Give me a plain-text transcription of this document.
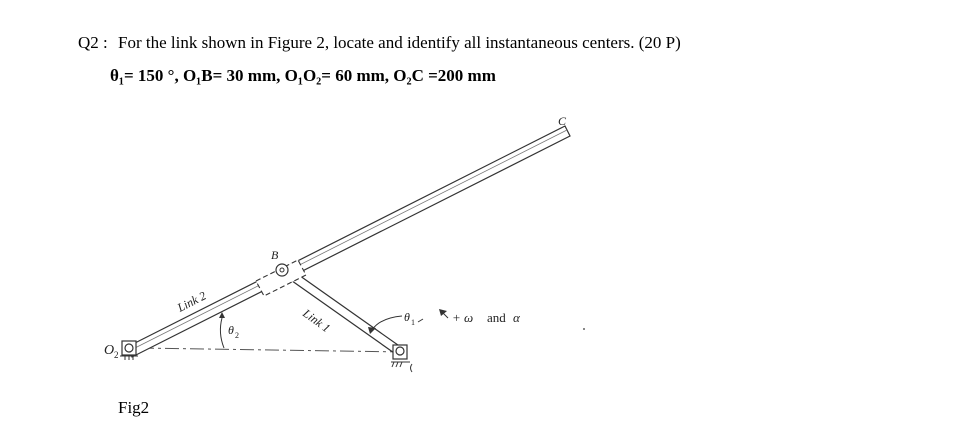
Q2 : For the link shown in Figure 2, locate and identify all instantaneous centers. (20 P)
θ₁= 150 °, O₁B= 30 mm, O₁O₂= 60 mm, O₂C =200 mm
C
B
O 2
Link 2
Link 1
θ 2
θ 1	+ ω and α
Fig2
